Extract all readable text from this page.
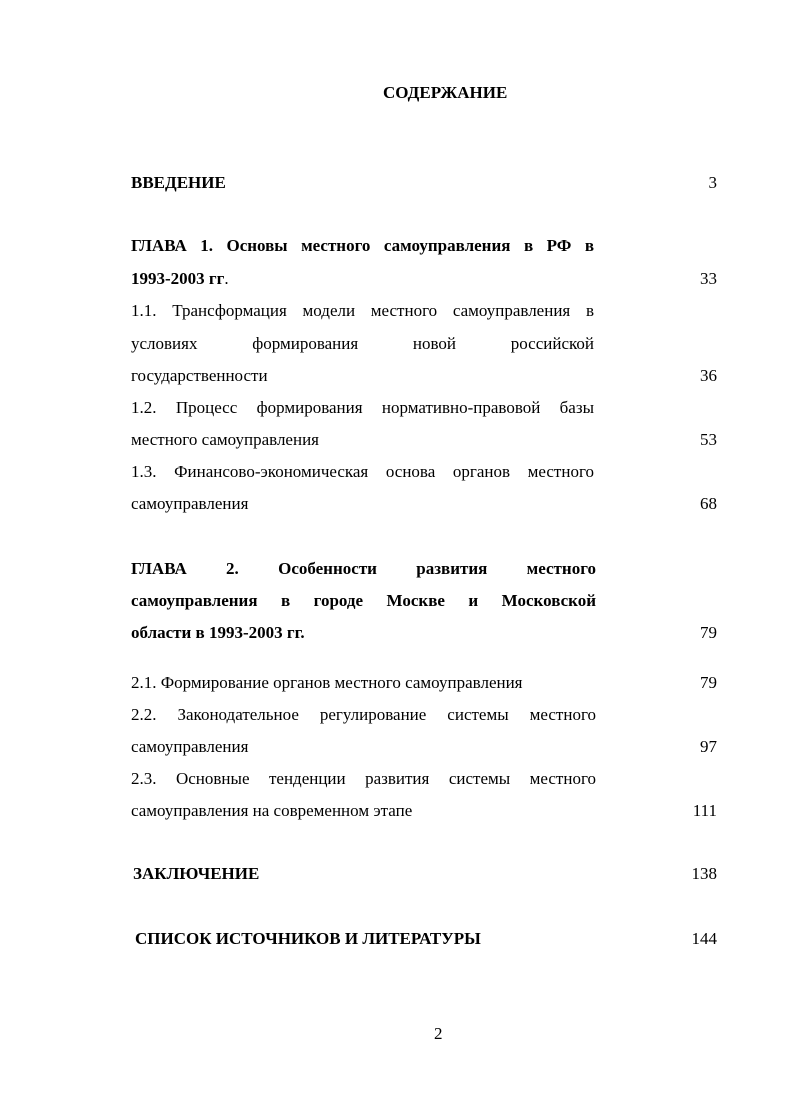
СОДЕРЖАНИЕ
ВВЕДЕНИЕ	3
ГЛАВА 1. Основы местного самоуправления в РФ в
1993-2003 гг.	33
1.1. Трансформация модели местного самоуправления в
условиях формирования новой российской
государственности	36
1.2. Процесс формирования нормативно-правовой базы
местного самоуправления	53
1.3. Финансово-экономическая основа органов местного
самоуправления	68
ГЛАВА 2. Особенности развития местного
самоуправления в городе Москве и Московской
области в 1993-2003 гг.	79
2.1. Формирование органов местного самоуправления	79
2.2. Законодательное регулирование системы местного
самоуправления	97
2.3. Основные тенденции развития системы местного
самоуправления на современном этапе	111
ЗАКЛЮЧЕНИЕ	138
СПИСОК ИСТОЧНИКОВ И ЛИТЕРАТУРЫ	144
2
